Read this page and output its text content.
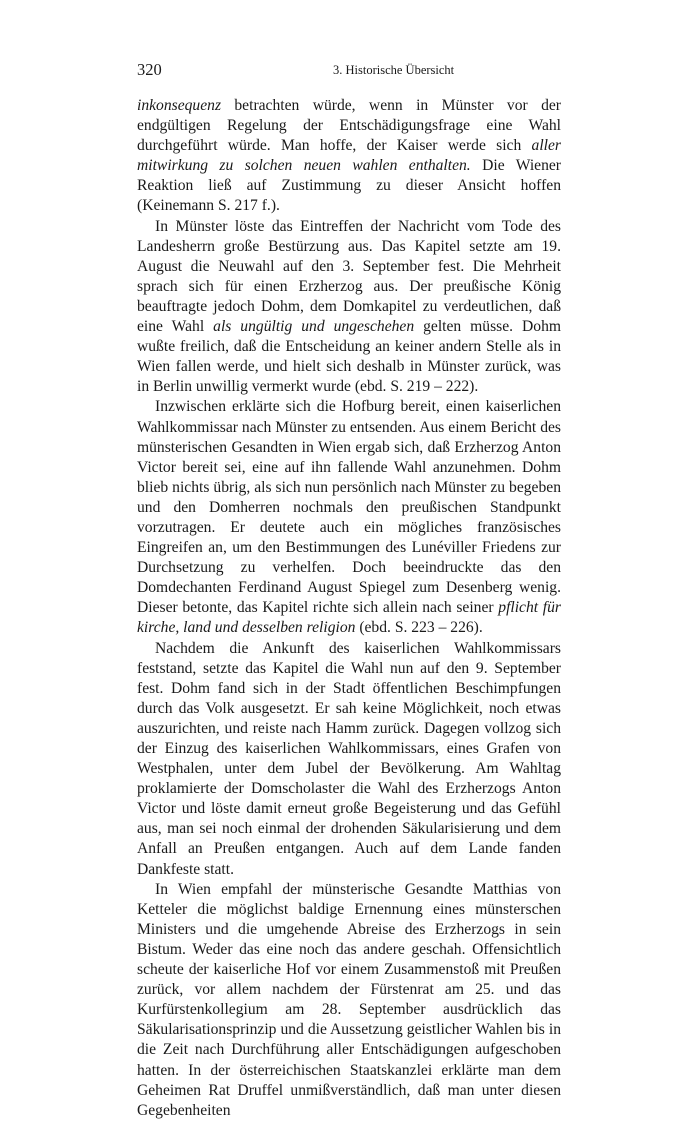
320	3. Historische Übersicht

inkonsequenz betrachten würde, wenn in Münster vor der endgültigen Regelung der Entschädigungsfrage eine Wahl durchgeführt würde. Man hoffe, der Kaiser werde sich aller mitwirkung zu solchen neuen wahlen enthalten. Die Wiener Reaktion ließ auf Zustimmung zu dieser Ansicht hoffen (Keinemann S. 217 f.).

In Münster löste das Eintreffen der Nachricht vom Tode des Landesherrn große Bestürzung aus. Das Kapitel setzte am 19. August die Neuwahl auf den 3. September fest. Die Mehrheit sprach sich für einen Erzherzog aus. Der preußische König beauftragte jedoch Dohm, dem Domkapitel zu verdeutlichen, daß eine Wahl als ungültig und ungeschehen gelten müsse. Dohm wußte freilich, daß die Entscheidung an keiner andern Stelle als in Wien fallen werde, und hielt sich deshalb in Münster zurück, was in Berlin unwillig vermerkt wurde (ebd. S. 219 – 222).

Inzwischen erklärte sich die Hofburg bereit, einen kaiserlichen Wahlkommissar nach Münster zu entsenden. Aus einem Bericht des münsterischen Gesandten in Wien ergab sich, daß Erzherzog Anton Victor bereit sei, eine auf ihn fallende Wahl anzunehmen. Dohm blieb nichts übrig, als sich nun persönlich nach Münster zu begeben und den Domherren nochmals den preußischen Standpunkt vorzutragen. Er deutete auch ein mögliches französisches Eingreifen an, um den Bestimmungen des Lunéviller Friedens zur Durchsetzung zu verhelfen. Doch beeindruckte das den Domdechanten Ferdinand August Spiegel zum Desenberg wenig. Dieser betonte, das Kapitel richte sich allein nach seiner pflicht für kirche, land und desselben religion (ebd. S. 223 – 226).

Nachdem die Ankunft des kaiserlichen Wahlkommissars feststand, setzte das Kapitel die Wahl nun auf den 9. September fest. Dohm fand sich in der Stadt öffentlichen Beschimpfungen durch das Volk ausgesetzt. Er sah keine Möglichkeit, noch etwas auszurichten, und reiste nach Hamm zurück. Dagegen vollzog sich der Einzug des kaiserlichen Wahlkommissars, eines Grafen von Westphalen, unter dem Jubel der Bevölkerung. Am Wahltag proklamierte der Domscholaster die Wahl des Erzherzogs Anton Victor und löste damit erneut große Begeisterung und das Gefühl aus, man sei noch einmal der drohenden Säkularisierung und dem Anfall an Preußen entgangen. Auch auf dem Lande fanden Dankfeste statt.

In Wien empfahl der münsterische Gesandte Matthias von Ketteler die möglichst baldige Ernennung eines münsterschen Ministers und die umgehende Abreise des Erzherzogs in sein Bistum. Weder das eine noch das andere geschah. Offensichtlich scheute der kaiserliche Hof vor einem Zusammenstoß mit Preußen zurück, vor allem nachdem der Fürstenrat am 25. und das Kurfürstenkollegium am 28. September ausdrücklich das Säkularisationsprinzip und die Aussetzung geistlicher Wahlen bis in die Zeit nach Durchführung aller Entschädigungen aufgeschoben hatten. In der österreichischen Staatskanzlei erklärte man dem Geheimen Rat Druffel unmißverständlich, daß man unter diesen Gegebenheiten
